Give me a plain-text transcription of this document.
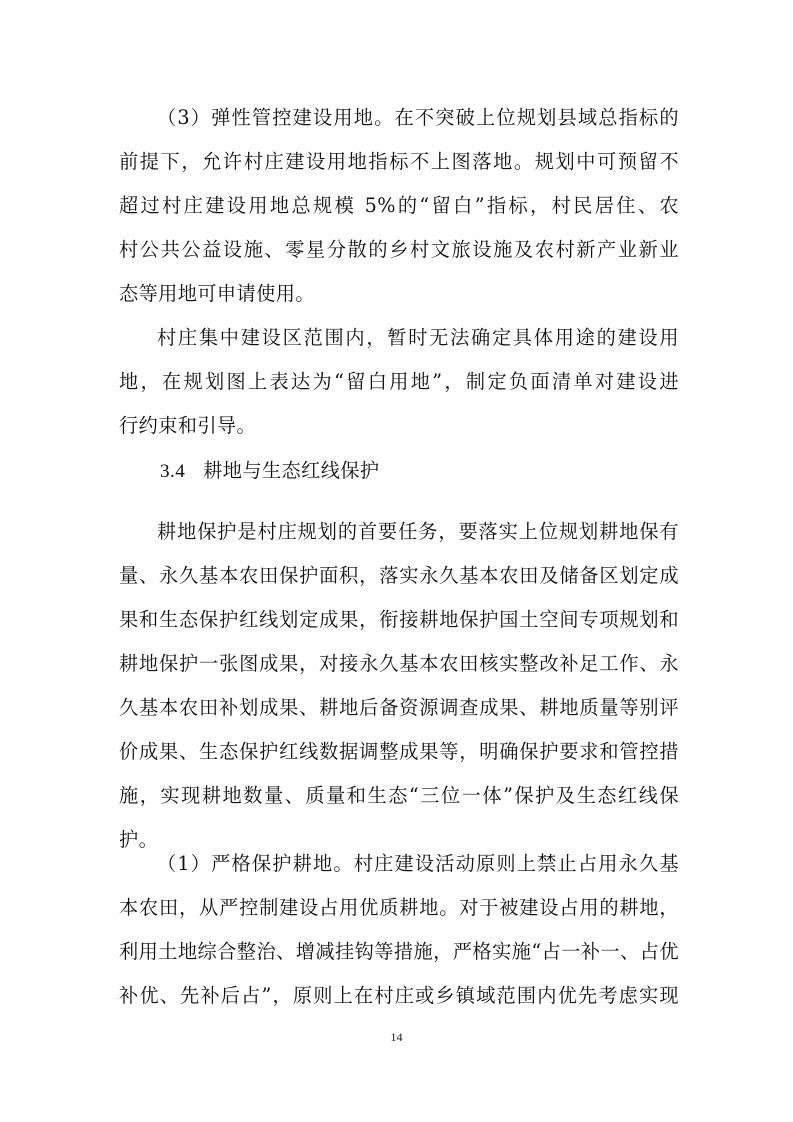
（3）弹性管控建设用地。在不突破上位规划县域总指标的
前提下，允许村庄建设用地指标不上图落地。规划中可预留不
超过村庄建设用地总规模 5%的“留白”指标，村民居住、农
村公共公益设施、零星分散的乡村文旅设施及农村新产业新业
态等用地可申请使用。
村庄集中建设区范围内，暂时无法确定具体用途的建设用
地，在规划图上表达为“留白用地”，制定负面清单对建设进
行约束和引导。
3.4 耕地与生态红线保护
耕地保护是村庄规划的首要任务，要落实上位规划耕地保有
量、永久基本农田保护面积，落实永久基本农田及储备区划定成
果和生态保护红线划定成果，衔接耕地保护国土空间专项规划和
耕地保护一张图成果，对接永久基本农田核实整改补足工作、永
久基本农田补划成果、耕地后备资源调查成果、耕地质量等别评
价成果、生态保护红线数据调整成果等，明确保护要求和管控措
施，实现耕地数量、质量和生态“三位一体”保护及生态红线保
护。
（1）严格保护耕地。村庄建设活动原则上禁止占用永久基
本农田，从严控制建设占用优质耕地。对于被建设占用的耕地，
利用土地综合整治、增减挂钩等措施，严格实施“占一补一、占优
补优、先补后占”，原则上在村庄或乡镇域范围内优先考虑实现
14
